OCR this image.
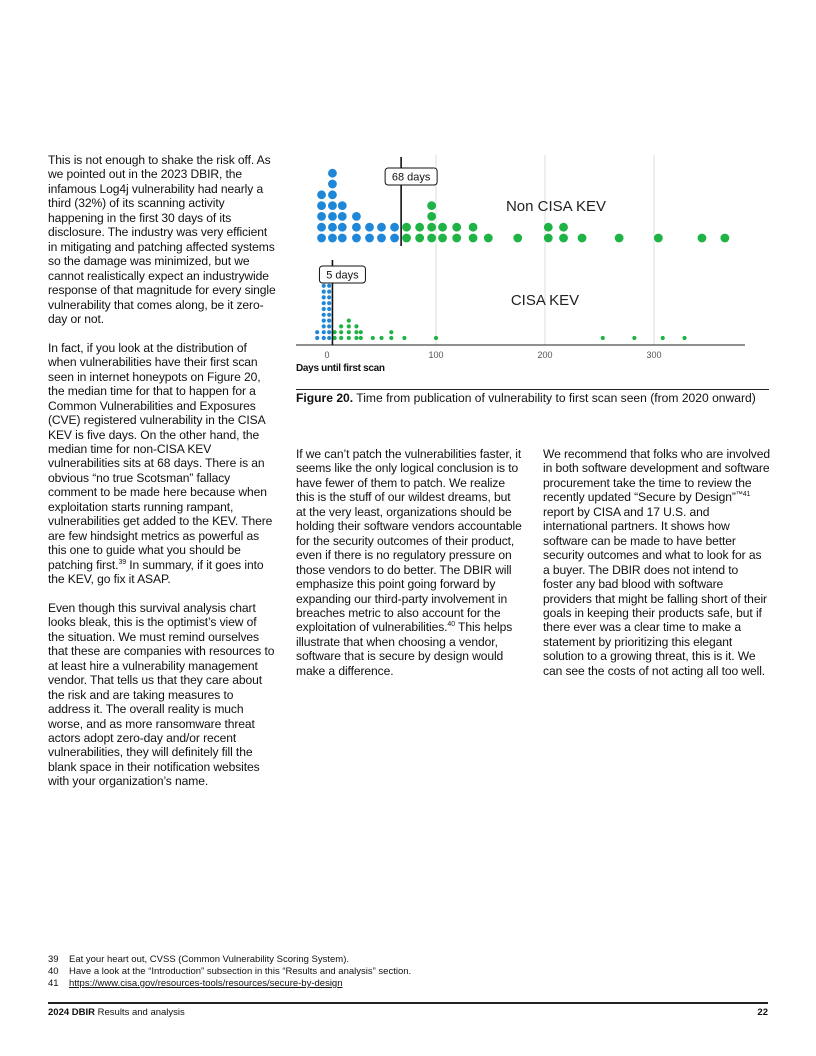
This is not enough to shake the risk off. As we pointed out in the 2023 DBIR, the infamous Log4j vulnerability had nearly a third (32%) of its scanning activity happening in the first 30 days of its disclosure. The industry was very efficient in mitigating and patching affected systems so the damage was minimized, but we cannot realistically expect an industrywide response of that magnitude for every single vulnerability that comes along, be it zero-day or not.

In fact, if you look at the distribution of when vulnerabilities have their first scan seen in internet honeypots on Figure 20, the median time for that to happen for a Common Vulnerabilities and Exposures (CVE) registered vulnerability in the CISA KEV is five days. On the other hand, the median time for non-CISA KEV vulnerabilities sits at 68 days. There is an obvious “no true Scotsman” fallacy comment to be made here because when exploitation starts running rampant, vulnerabilities get added to the KEV. There are few hindsight metrics as powerful as this one to guide what you should be patching first.$^{39}$ In summary, if it goes into the KEV, go fix it ASAP.

Even though this survival analysis chart looks bleak, this is the optimist’s view of the situation. We must remind ourselves that these are companies with resources to at least hire a vulnerability management vendor. That tells us that they care about the risk and are taking measures to address it. The overall reality is much worse, and as more ransomware threat actors adopt zero-day and/or recent vulnerabilities, they will definitely fill the blank space in their notification websites with your organization’s name.

0	100	200	300
Days until first scan
68 days
Non CISA KEV
5 days
CISA KEV
Figure 20. Time from publication of vulnerability to first scan seen (from 2020 onward)

If we can’t patch the vulnerabilities faster, it seems like the only logical conclusion is to have fewer of them to patch. We realize this is the stuff of our wildest dreams, but at the very least, organizations should be holding their software vendors accountable for the security outcomes of their product, even if there is no regulatory pressure on those vendors to do better. The DBIR will emphasize this point going forward by expanding our third-party involvement in breaches metric to also account for the exploitation of vulnerabilities.$^{40}$ This helps illustrate that when choosing a vendor, software that is secure by design would make a difference.

We recommend that folks who are involved in both software development and software procurement take the time to review the recently updated “Secure by Design”$^{™41}$ report by CISA and 17 U.S. and international partners. It shows how software can be made to have better security outcomes and what to look for as a buyer. The DBIR does not intend to foster any bad blood with software providers that might be falling short of their goals in keeping their products safe, but if there ever was a clear time to make a statement by prioritizing this elegant solution to a growing threat, this is it. We can see the costs of not acting all too well.

39 Eat your heart out, CVSS (Common Vulnerability Scoring System).
40 Have a look at the “Introduction” subsection in this “Results and analysis” section.
41 https://www.cisa.gov/resources-tools/resources/secure-by-design
2024 DBIR Results and analysis	22
